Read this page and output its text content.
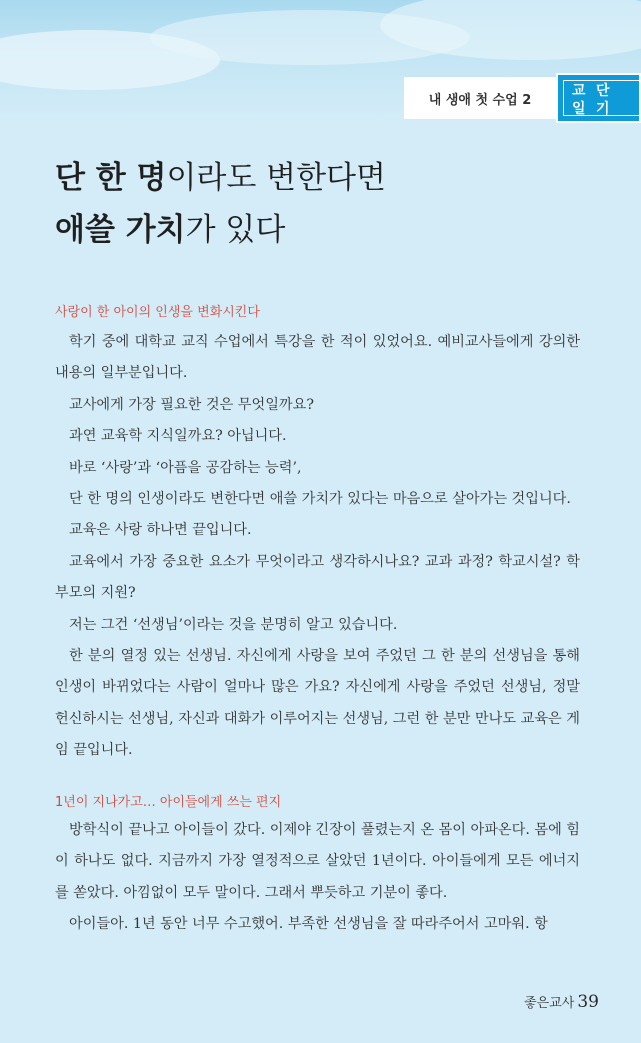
내 생애 첫 수업 2
교 단
일 기
단 한 명이라도 변한다면
애쓸 가치가 있다
사랑이 한 아이의 인생을 변화시킨다

학기 중에 대학교 교직 수업에서 특강을 한 적이 있었어요. 예비교사들에게 강의한 내용의 일부분입니다.

교사에게 가장 필요한 것은 무엇일까요?

과연 교육학 지식일까요? 아닙니다.

바로 ‘사랑’과 ‘아픔을 공감하는 능력’,

단 한 명의 인생이라도 변한다면 애쓸 가치가 있다는 마음으로 살아가는 것입니다.

교육은 사랑 하나면 끝입니다.

교육에서 가장 중요한 요소가 무엇이라고 생각하시나요? 교과 과정? 학교시설? 학부모의 지원?

저는 그건 ‘선생님’이라는 것을 분명히 알고 있습니다.

한 분의 열정 있는 선생님. 자신에게 사랑을 보여 주었던 그 한 분의 선생님을 통해 인생이 바뀌었다는 사람이 얼마나 많은 가요? 자신에게 사랑을 주었던 선생님, 정말 헌신하시는 선생님, 자신과 대화가 이루어지는 선생님, 그런 한 분만 만나도 교육은 게임 끝입니다.

1년이 지나가고… 아이들에게 쓰는 편지

방학식이 끝나고 아이들이 갔다. 이제야 긴장이 풀렸는지 온 몸이 아파온다. 몸에 힘이 하나도 없다. 지금까지 가장 열정적으로 살았던 1년이다. 아이들에게 모든 에너지를 쏟았다. 아낌없이 모두 말이다. 그래서 뿌듯하고 기분이 좋다.

아이들아. 1년 동안 너무 수고했어. 부족한 선생님을 잘 따라주어서 고마워. 항

좋은교사 39
